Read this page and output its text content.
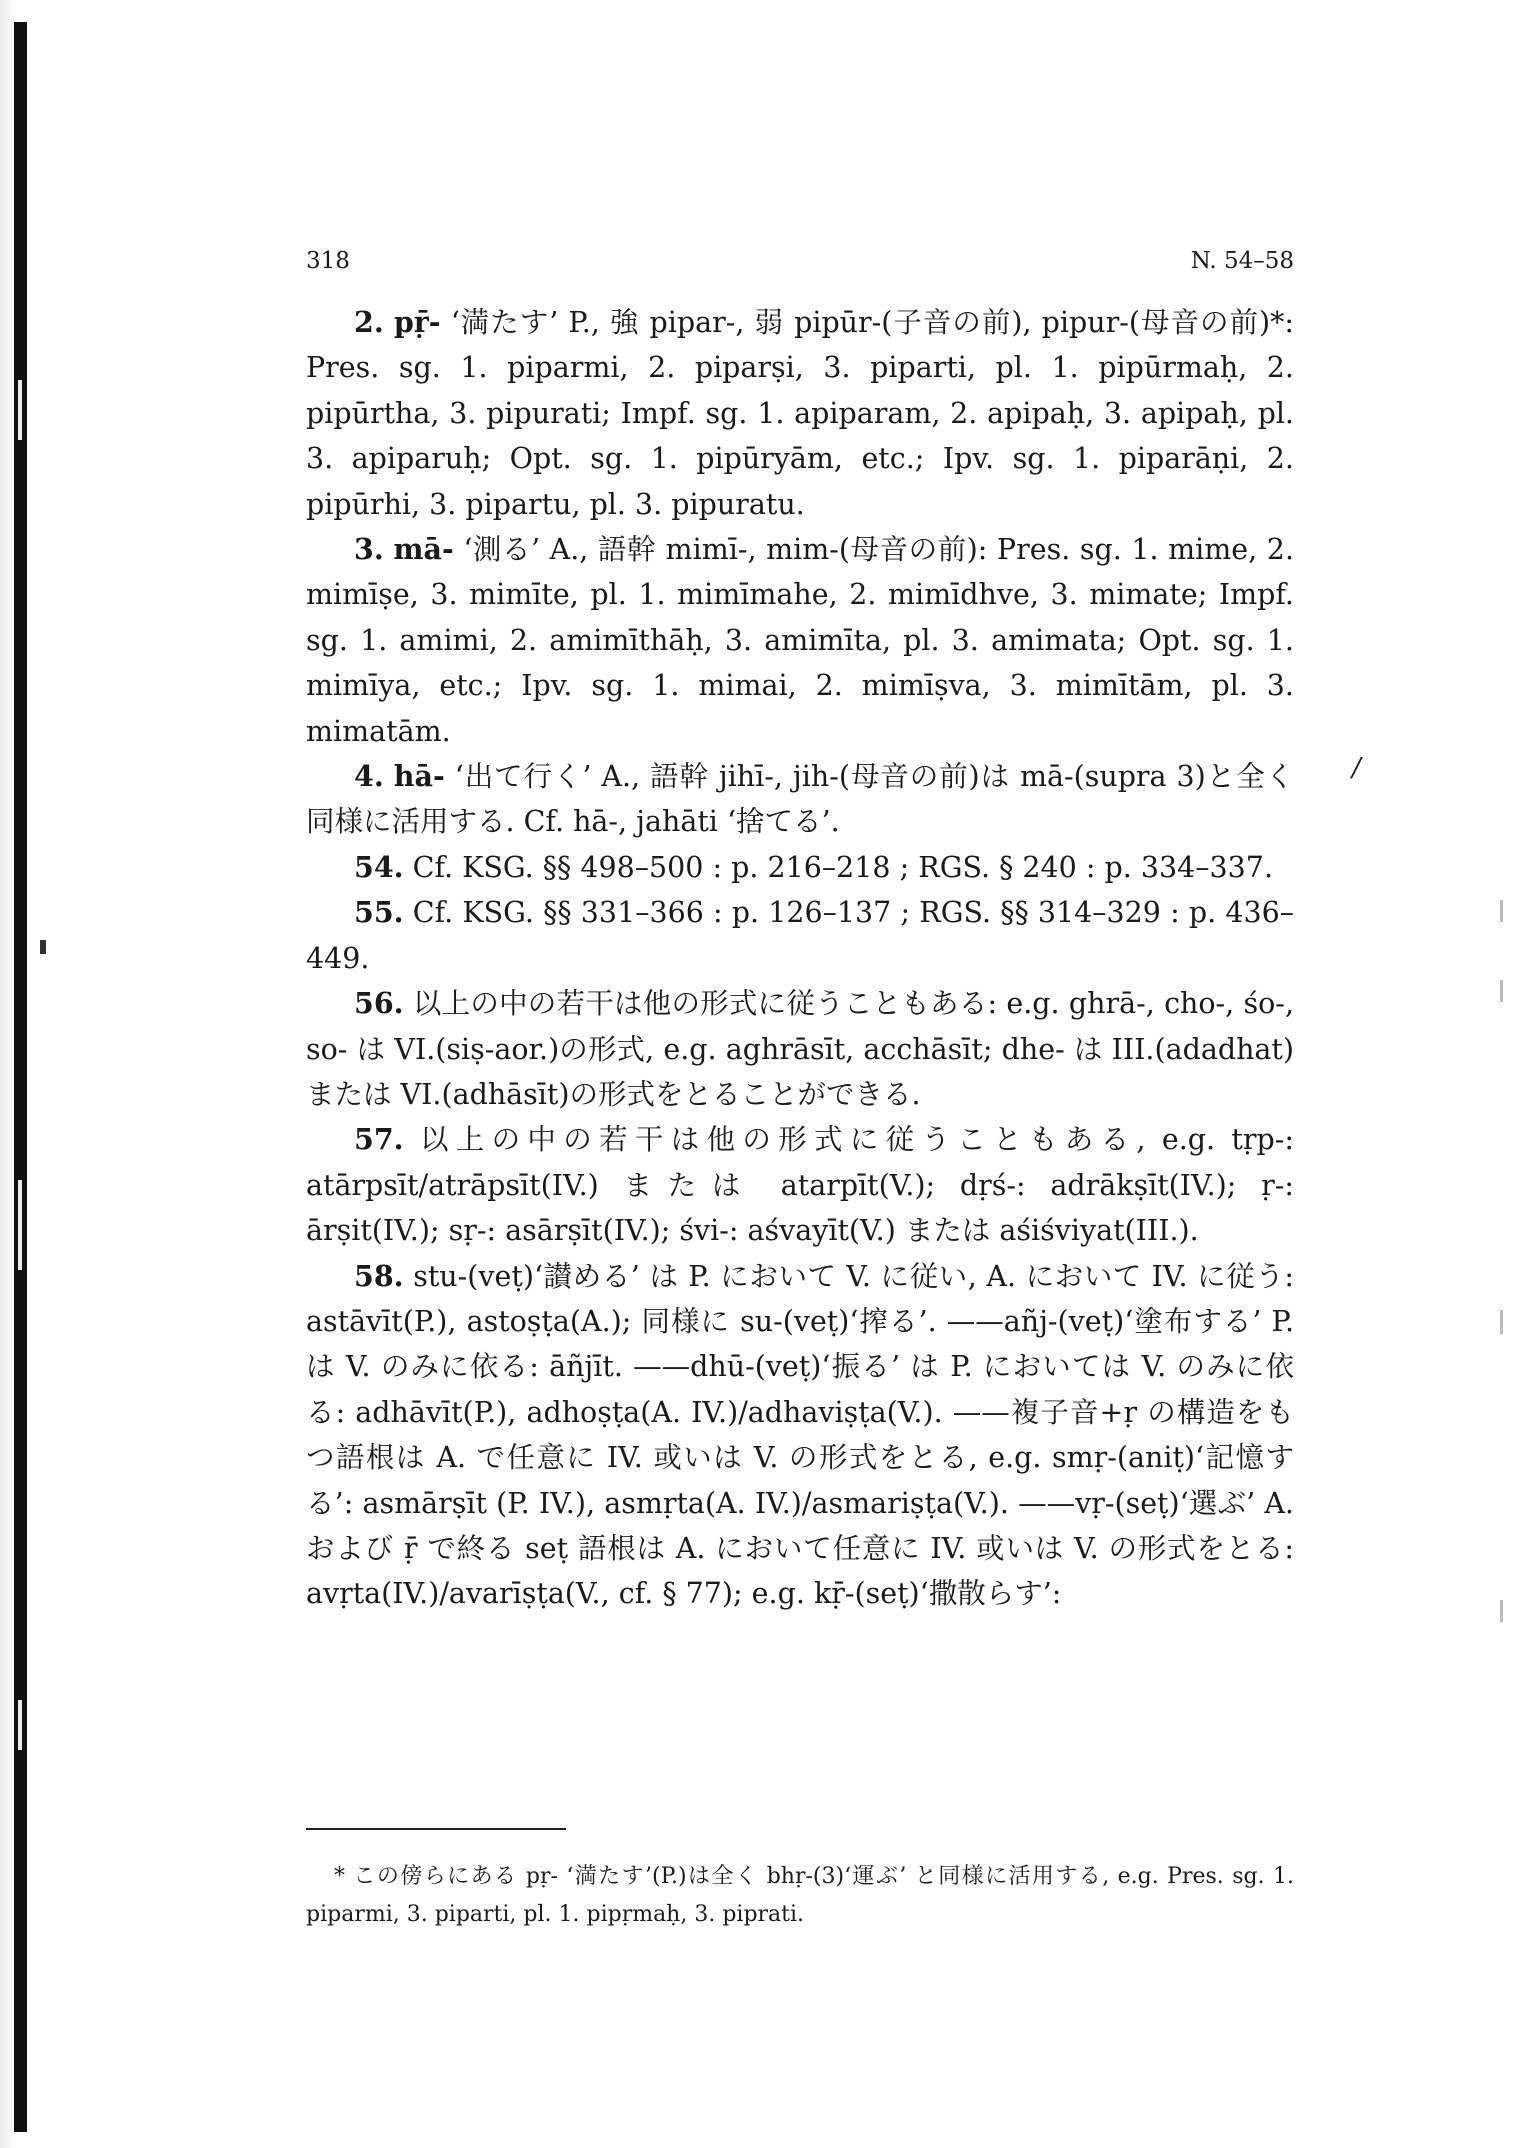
318	N. 54–58

2. pṝ- ‘満たす’ P., 強 pipar-, 弱 pipūr-(子音の前), pipur-(母音の前)*: Pres. sg. 1. piparmi, 2. piparṣi, 3. piparti, pl. 1. pipūrmaḥ, 2. pipūrtha, 3. pipurati; Impf. sg. 1. apiparam, 2. apipaḥ, 3. apipaḥ, pl. 3. apiparuḥ; Opt. sg. 1. pipūryām, etc.; Ipv. sg. 1. piparāṇi, 2. pipūrhi, 3. pipartu, pl. 3. pipuratu.

3. mā- ‘測る’ A., 語幹 mimī-, mim-(母音の前): Pres. sg. 1. mime, 2. mimīṣe, 3. mimīte, pl. 1. mimīmahe, 2. mimīdhve, 3. mimate; Impf. sg. 1. amimi, 2. amimīthāḥ, 3. amimīta, pl. 3. amimata; Opt. sg. 1. mimīya, etc.; Ipv. sg. 1. mimai, 2. mimīṣva, 3. mimītām, pl. 3. mimatām.

4. hā- ‘出て行く’ A., 語幹 jihī-, jih-(母音の前)は mā-(supra 3)と全く同様に活用する. Cf. hā-, jahāti ‘捨てる’.

54. Cf. KSG. §§ 498–500 : p. 216–218 ; RGS. § 240 : p. 334–337.

55. Cf. KSG. §§ 331–366 : p. 126–137 ; RGS. §§ 314–329 : p. 436–449.

56. 以上の中の若干は他の形式に従うこともある: e.g. ghrā-, cho-, śo-, so- は VI.(siṣ-aor.)の形式, e.g. aghrāsīt, acchāsīt; dhe- は III.(adadhat)または VI.(adhāsīt)の形式をとることができる.

57. 以上の中の若干は他の形式に従うこともある, e.g. tṛp-: atārpsīt/atrāpsīt(IV.) または atarpīt(V.); dṛś-: adrākṣīt(IV.); ṛ-: ārṣit(IV.); sṛ-: asārṣīt(IV.); śvi-: aśvayīt(V.) または aśiśviyat(III.).

58. stu-(veṭ)‘讃める’ は P. において V. に従い, A. において IV. に従う: astāvīt(P.), astoṣṭa(A.); 同様に su-(veṭ)‘搾る’. ——añj-(veṭ)‘塗布する’ P. は V. のみに依る: āñjīt. ——dhū-(veṭ)‘振る’ は P. においては V. のみに依る: adhāvīt(P.), adhoṣṭa(A. IV.)/adhaviṣṭa(V.). ——複子音+ṛ の構造をもつ語根は A. で任意に IV. 或いは V. の形式をとる, e.g. smṛ-(aniṭ)‘記憶する’: asmārṣīt (P. IV.), asmṛta(A. IV.)/asmariṣṭa(V.). ——vṛ-(seṭ)‘選ぶ’ A. および ṝ で終る seṭ 語根は A. において任意に IV. 或いは V. の形式をとる: avṛta(IV.)/avarīṣṭa(V., cf. § 77); e.g. kṝ-(seṭ)‘撒散らす’:

/

* この傍らにある pṛ- ‘満たす’(P.)は全く bhṛ-(3)‘運ぶ’ と同様に活用する, e.g. Pres. sg. 1. piparmi, 3. piparti, pl. 1. pipṛmaḥ, 3. piprati.
